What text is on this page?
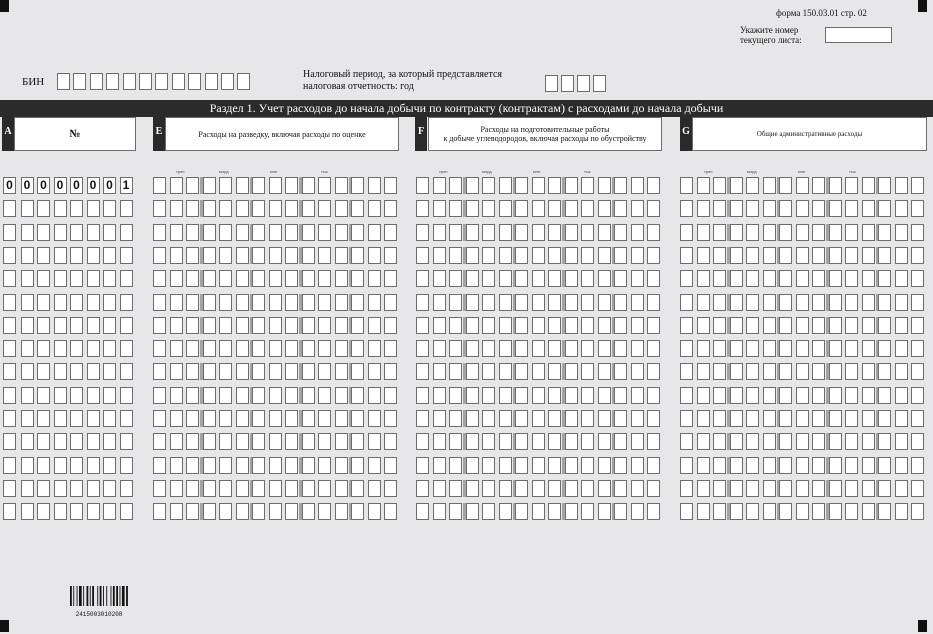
форма 150.03.01 стр. 02
Укажите номер
текущего листа:
БИН
Налоговый период, за который представляется
налоговая отчетность: год
Раздел 1. Учет расходов до начала добычи по контракту (контрактам) с расходами до начала добычи
A	№	E	Расходы на разведку, включая расходы по оценке	F	Расходы на подготовительные работы
к добыче углеводородов, включая расходы по обустройству
G	Общие административные расходы
трлн	млрд	млн	тыс	трлн	млрд	млн	тыс	трлн	млрд	млн	тыс
0 0 0 0 0 0 0 1
2415003010208
